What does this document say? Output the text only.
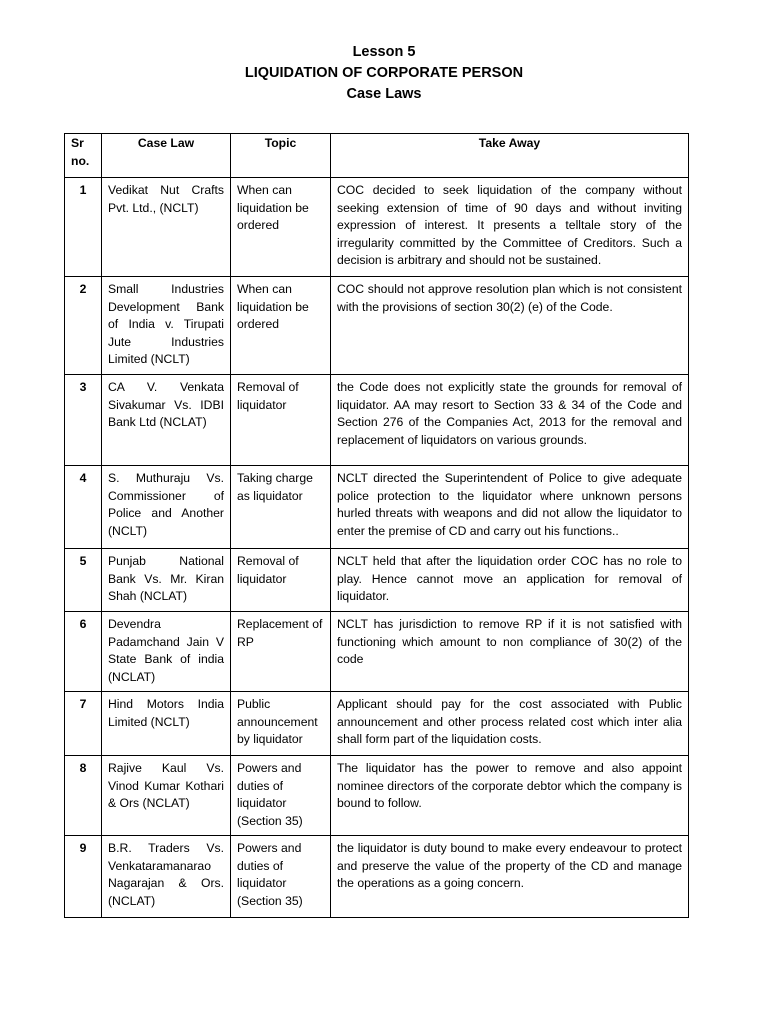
Lesson 5
LIQUIDATION OF CORPORATE PERSON
Case Laws
Sr no.	Case Law	Topic	Take Away
1	Vedikat Nut Crafts Pvt. Ltd., (NCLT)	When can liquidation be ordered	COC decided to seek liquidation of the company without seeking extension of time of 90 days and without inviting expression of interest. It presents a telltale story of the irregularity committed by the Committee of Creditors. Such a decision is arbitrary and should not be sustained.
2	Small Industries Development Bank of India v. Tirupati Jute Industries Limited (NCLT)	When can liquidation be ordered	COC should not approve resolution plan which is not consistent with the provisions of section 30(2) (e) of the Code.
3	CA V. Venkata Sivakumar Vs. IDBI Bank Ltd (NCLAT)	Removal of liquidator	the Code does not explicitly state the grounds for removal of liquidator. AA may resort to Section 33 & 34 of the Code and Section 276 of the Companies Act, 2013 for the removal and replacement of liquidators on various grounds.
4	S. Muthuraju Vs. Commissioner of Police and Another (NCLT)	Taking charge as liquidator	NCLT directed the Superintendent of Police to give adequate police protection to the liquidator where unknown persons hurled threats with weapons and did not allow the liquidator to enter the premise of CD and carry out his functions..
5	Punjab National Bank Vs. Mr. Kiran Shah (NCLAT)	Removal of liquidator	NCLT held that after the liquidation order COC has no role to play. Hence cannot move an application for removal of liquidator.
6	Devendra Padamchand Jain V State Bank of india (NCLAT)	Replacement of RP	NCLT has jurisdiction to remove RP if it is not satisfied with functioning which amount to non compliance of 30(2) of the code
7	Hind Motors India Limited (NCLT)	Public announcement by liquidator	Applicant should pay for the cost associated with Public announcement and other process related cost which inter alia shall form part of the liquidation costs.
8	Rajive Kaul Vs. Vinod Kumar Kothari & Ors (NCLAT)	Powers and duties of liquidator (Section 35)	The liquidator has the power to remove and also appoint nominee directors of the corporate debtor which the company is bound to follow.
9	B.R. Traders Vs. Venkataramanarao Nagarajan & Ors. (NCLAT)	Powers and duties of liquidator (Section 35)	the liquidator is duty bound to make every endeavour to protect and preserve the value of the property of the CD and manage the operations as a going concern.
